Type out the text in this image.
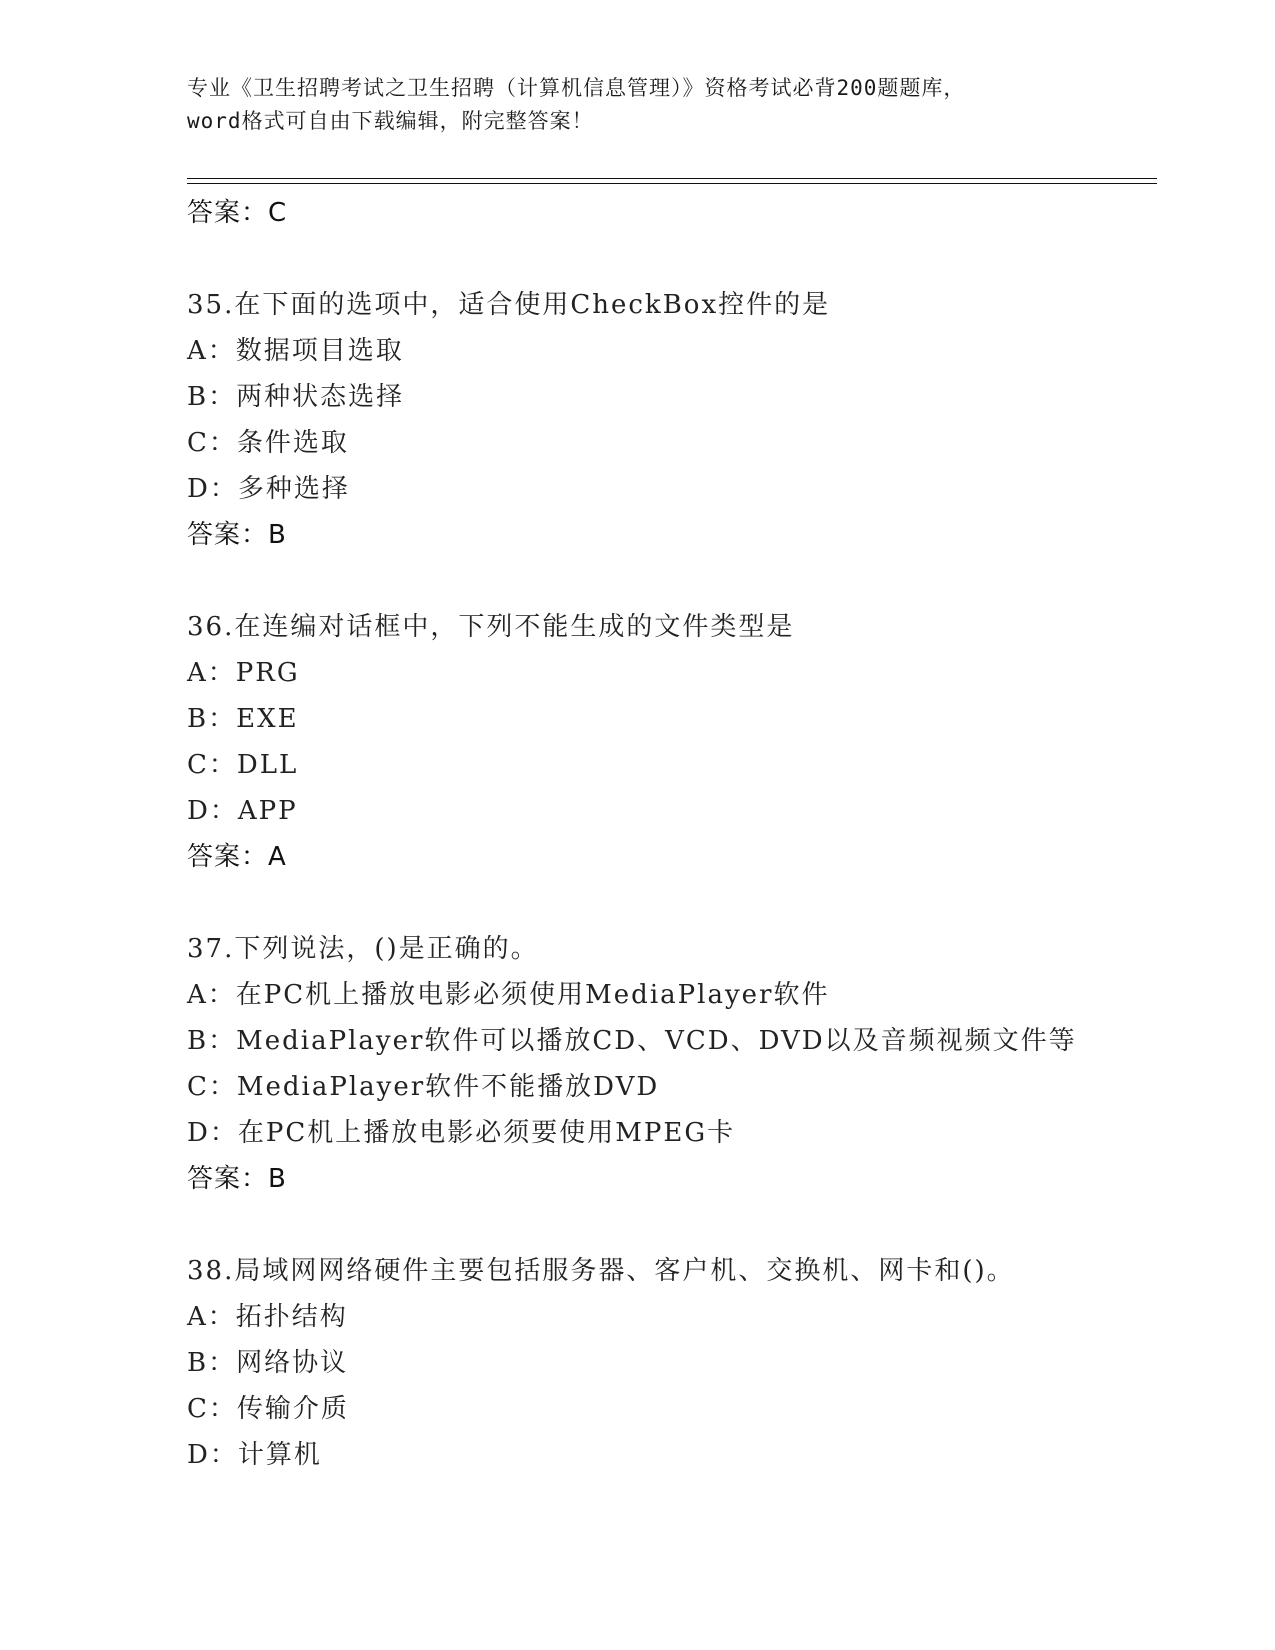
专业《卫生招聘考试之卫生招聘（计算机信息管理）》资格考试必背200题题库，
word格式可自由下载编辑，附完整答案！
答案：C
35.在下面的选项中，适合使用CheckBox控件的是
A：数据项目选取
B：两种状态选择
C：条件选取
D：多种选择
答案：B
36.在连编对话框中，下列不能生成的文件类型是
A：PRG
B：EXE
C：DLL
D：APP
答案：A
37.下列说法，()是正确的。
A：在PC机上播放电影必须使用MediaPlayer软件
B：MediaPlayer软件可以播放CD、VCD、DVD以及音频视频文件等
C：MediaPlayer软件不能播放DVD
D：在PC机上播放电影必须要使用MPEG卡
答案：B
38.局域网网络硬件主要包括服务器、客户机、交换机、网卡和()。
A：拓扑结构
B：网络协议
C：传输介质
D：计算机
